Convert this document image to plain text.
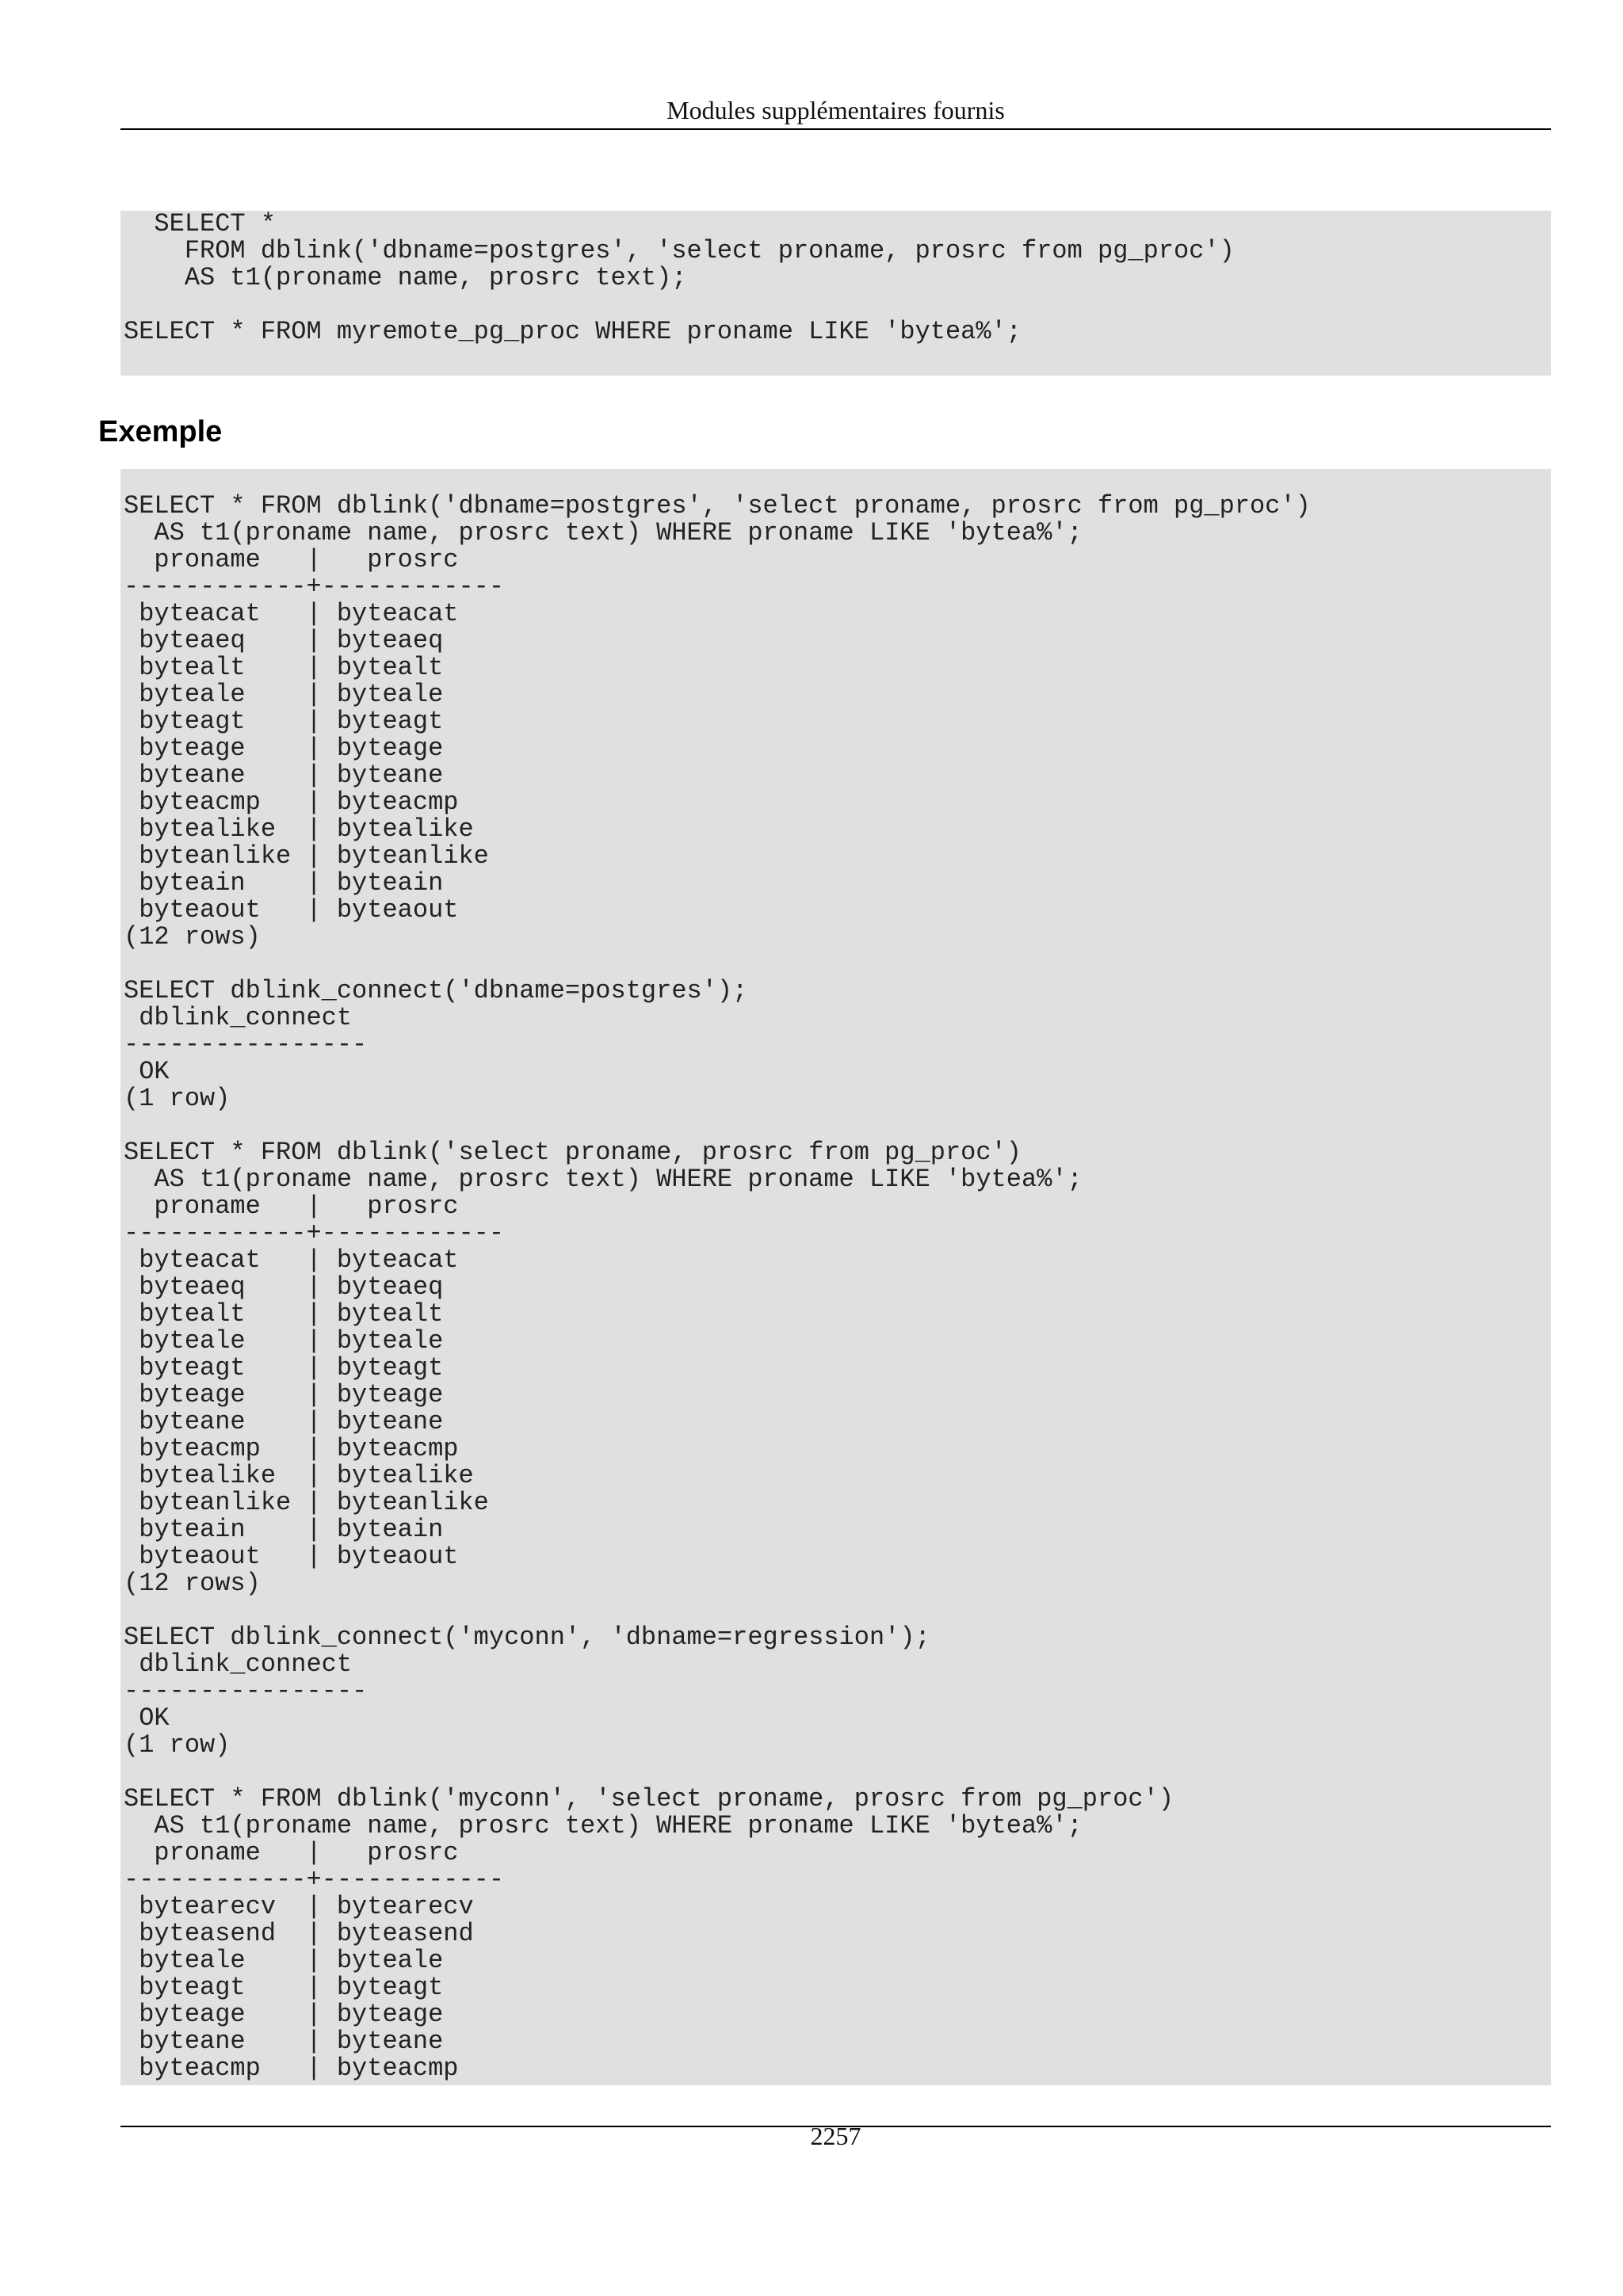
Modules supplémentaires fournis
SELECT *
FROM dblink('dbname=postgres', 'select proname, prosrc from pg_proc')
AS t1(proname name, prosrc text);

SELECT * FROM myremote_pg_proc WHERE proname LIKE 'bytea%';
Exemple
SELECT * FROM dblink('dbname=postgres', 'select proname, prosrc from pg_proc')
AS t1(proname name, prosrc text) WHERE proname LIKE 'bytea%';
proname   |   prosrc
------------+------------
byteacat   | byteacat
byteaeq    | byteaeq
bytealt    | bytealt
byteale    | byteale
byteagt    | byteagt
byteage    | byteage
byteane    | byteane
byteacmp   | byteacmp
bytealike  | bytealike
byteanlike | byteanlike
byteain    | byteain
byteaout   | byteaout
(12 rows)

SELECT dblink_connect('dbname=postgres');
dblink_connect
----------------
OK
(1 row)

SELECT * FROM dblink('select proname, prosrc from pg_proc')
AS t1(proname name, prosrc text) WHERE proname LIKE 'bytea%';
proname   |   prosrc
------------+------------
byteacat   | byteacat
byteaeq    | byteaeq
bytealt    | bytealt
byteale    | byteale
byteagt    | byteagt
byteage    | byteage
byteane    | byteane
byteacmp   | byteacmp
bytealike  | bytealike
byteanlike | byteanlike
byteain    | byteain
byteaout   | byteaout
(12 rows)

SELECT dblink_connect('myconn', 'dbname=regression');
dblink_connect
----------------
OK
(1 row)

SELECT * FROM dblink('myconn', 'select proname, prosrc from pg_proc')
AS t1(proname name, prosrc text) WHERE proname LIKE 'bytea%';
proname   |   prosrc
------------+------------
bytearecv  | bytearecv
byteasend  | byteasend
byteale    | byteale
byteagt    | byteagt
byteage    | byteage
byteane    | byteane
byteacmp   | byteacmp
2257
